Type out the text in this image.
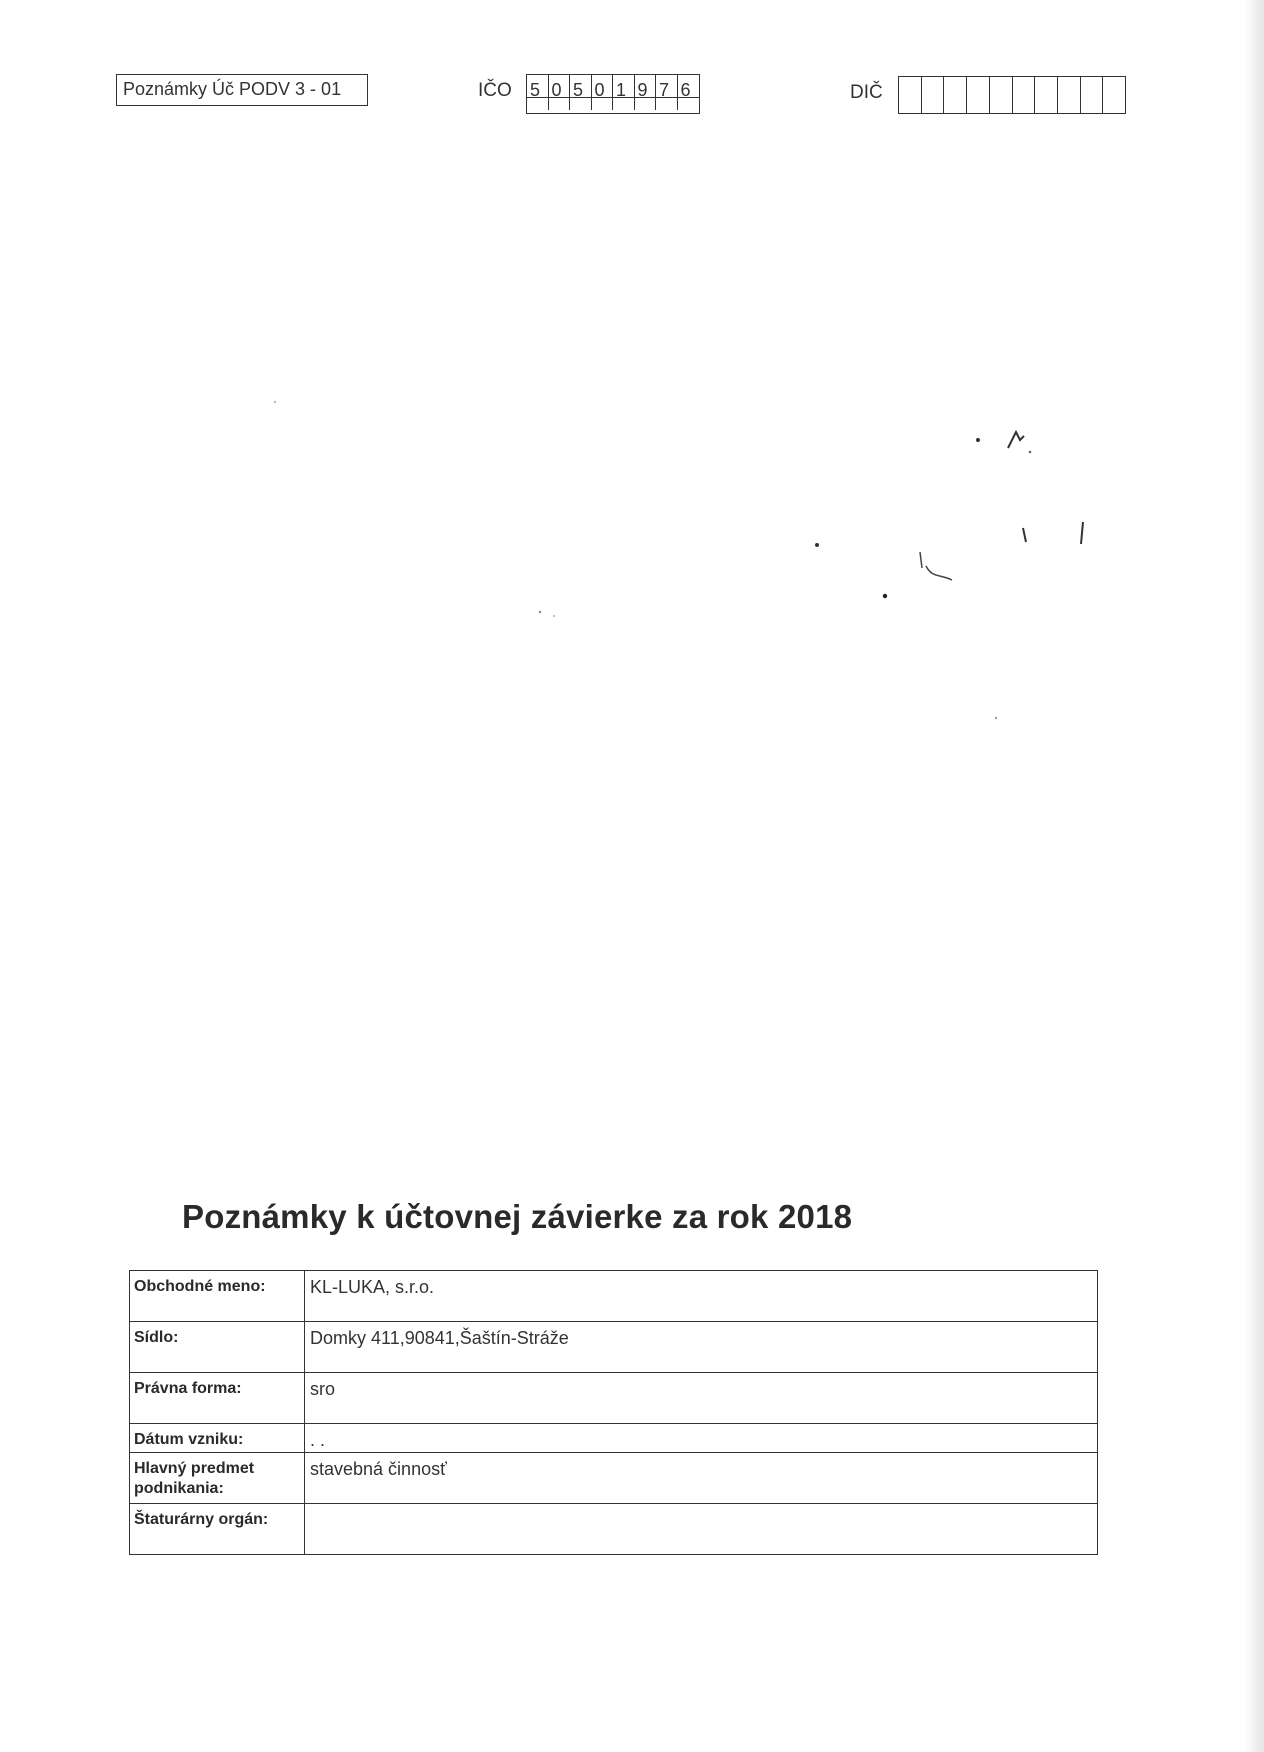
Poznámky Úč PODV 3 - 01	IČO 5 0 5 0 1 9 7 6	DIČ
Poznámky k účtovnej závierke za rok 2018
Obchodné meno:	KL-LUKA, s.r.o.
Sídlo:	Domky 411,90841,Šaštín-Stráže
Právna forma:	sro
Dátum vzniku:	. .
Hlavný predmet podnikania:	stavebná činnosť
Štaturárny orgán:	
